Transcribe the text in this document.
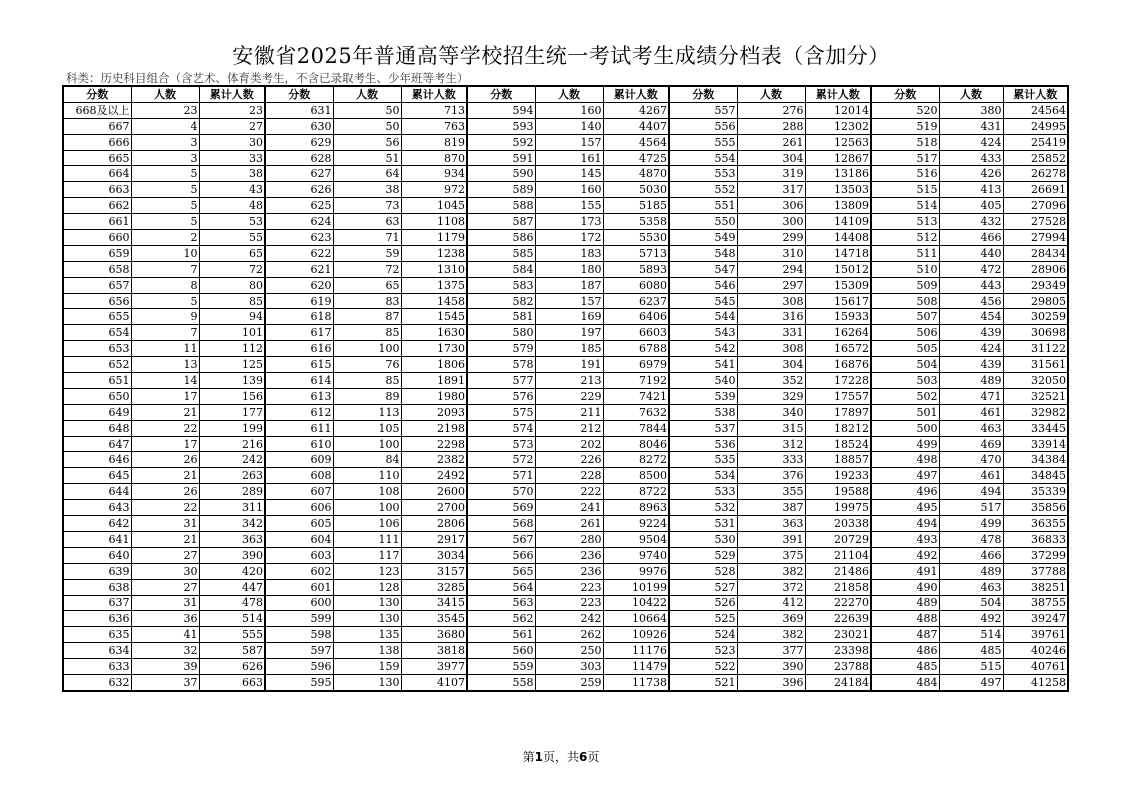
安徽省2025年普通高等学校招生统一考试考生成绩分档表（含加分）
科类：历史科目组合（含艺术、体育类考生，不含已录取考生、少年班等考生）
分数	人数	累计人数	分数	人数	累计人数	分数	人数	累计人数	分数	人数	累计人数	分数	人数	累计人数
668及以上	23	23	631	50	713	594	160	4267	557	276	12014	520	380	24564
667	4	27	630	50	763	593	140	4407	556	288	12302	519	431	24995
666	3	30	629	56	819	592	157	4564	555	261	12563	518	424	25419
665	3	33	628	51	870	591	161	4725	554	304	12867	517	433	25852
664	5	38	627	64	934	590	145	4870	553	319	13186	516	426	26278
663	5	43	626	38	972	589	160	5030	552	317	13503	515	413	26691
662	5	48	625	73	1045	588	155	5185	551	306	13809	514	405	27096
661	5	53	624	63	1108	587	173	5358	550	300	14109	513	432	27528
660	2	55	623	71	1179	586	172	5530	549	299	14408	512	466	27994
659	10	65	622	59	1238	585	183	5713	548	310	14718	511	440	28434
658	7	72	621	72	1310	584	180	5893	547	294	15012	510	472	28906
657	8	80	620	65	1375	583	187	6080	546	297	15309	509	443	29349
656	5	85	619	83	1458	582	157	6237	545	308	15617	508	456	29805
655	9	94	618	87	1545	581	169	6406	544	316	15933	507	454	30259
654	7	101	617	85	1630	580	197	6603	543	331	16264	506	439	30698
653	11	112	616	100	1730	579	185	6788	542	308	16572	505	424	31122
652	13	125	615	76	1806	578	191	6979	541	304	16876	504	439	31561
651	14	139	614	85	1891	577	213	7192	540	352	17228	503	489	32050
650	17	156	613	89	1980	576	229	7421	539	329	17557	502	471	32521
649	21	177	612	113	2093	575	211	7632	538	340	17897	501	461	32982
648	22	199	611	105	2198	574	212	7844	537	315	18212	500	463	33445
647	17	216	610	100	2298	573	202	8046	536	312	18524	499	469	33914
646	26	242	609	84	2382	572	226	8272	535	333	18857	498	470	34384
645	21	263	608	110	2492	571	228	8500	534	376	19233	497	461	34845
644	26	289	607	108	2600	570	222	8722	533	355	19588	496	494	35339
643	22	311	606	100	2700	569	241	8963	532	387	19975	495	517	35856
642	31	342	605	106	2806	568	261	9224	531	363	20338	494	499	36355
641	21	363	604	111	2917	567	280	9504	530	391	20729	493	478	36833
640	27	390	603	117	3034	566	236	9740	529	375	21104	492	466	37299
639	30	420	602	123	3157	565	236	9976	528	382	21486	491	489	37788
638	27	447	601	128	3285	564	223	10199	527	372	21858	490	463	38251
637	31	478	600	130	3415	563	223	10422	526	412	22270	489	504	38755
636	36	514	599	130	3545	562	242	10664	525	369	22639	488	492	39247
635	41	555	598	135	3680	561	262	10926	524	382	23021	487	514	39761
634	32	587	597	138	3818	560	250	11176	523	377	23398	486	485	40246
633	39	626	596	159	3977	559	303	11479	522	390	23788	485	515	40761
632	37	663	595	130	4107	558	259	11738	521	396	24184	484	497	41258
第1页，共6页
